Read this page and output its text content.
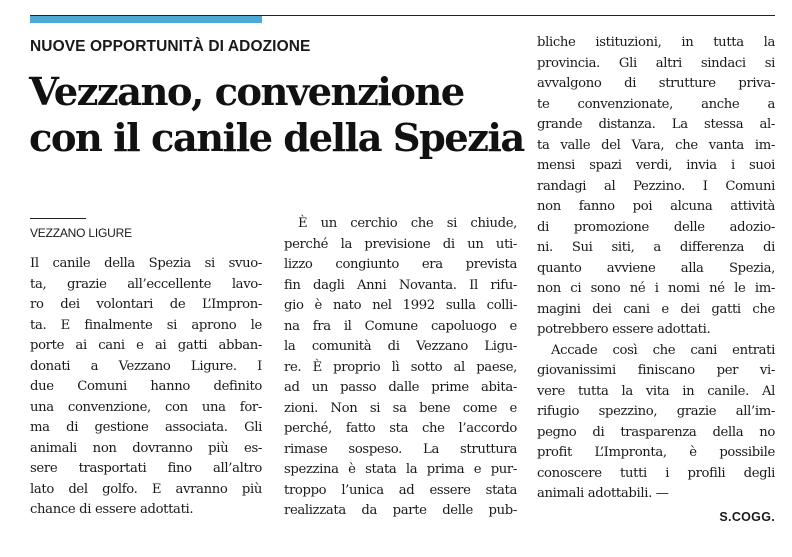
NUOVE OPPORTUNITÀ DI ADOZIONE
Vezzano, convenzione
con il canile della Spezia
VEZZANO LIGURE
Il canile della Spezia si svuo-
ta, grazie all’eccellente lavo-
ro dei volontari de L’Impron-
ta. E finalmente si aprono le
porte ai cani e ai gatti abban-
donati a Vezzano Ligure. I
due Comuni hanno definito
una convenzione, con una for-
ma di gestione associata. Gli
animali non dovranno più es-
sere trasportati fino all’altro
lato del golfo. E avranno più
chance di essere adottati.
È un cerchio che si chiude,
perché la previsione di un uti-
lizzo congiunto era prevista
fin dagli Anni Novanta. Il rifu-
gio è nato nel 1992 sulla colli-
na fra il Comune capoluogo e
la comunità di Vezzano Ligu-
re. È proprio lì sotto al paese,
ad un passo dalle prime abita-
zioni. Non si sa bene come e
perché, fatto sta che l’accordo
rimase sospeso. La struttura
spezzina è stata la prima e pur-
troppo l’unica ad essere stata
realizzata da parte delle pub-
bliche istituzioni, in tutta la
provincia. Gli altri sindaci si
avvalgono di strutture priva-
te convenzionate, anche a
grande distanza. La stessa al-
ta valle del Vara, che vanta im-
mensi spazi verdi, invia i suoi
randagi al Pezzino. I Comuni
non fanno poi alcuna attività
di promozione delle adozio-
ni. Sui siti, a differenza di
quanto avviene alla Spezia,
non ci sono né i nomi né le im-
magini dei cani e dei gatti che
potrebbero essere adottati.
Accade così che cani entrati
giovanissimi finiscano per vi-
vere tutta la vita in canile. Al
rifugio spezzino, grazie all’im-
pegno di trasparenza della no
profit L’Impronta, è possibile
conoscere tutti i profili degli
animali adottabili. —
S.COGG.
